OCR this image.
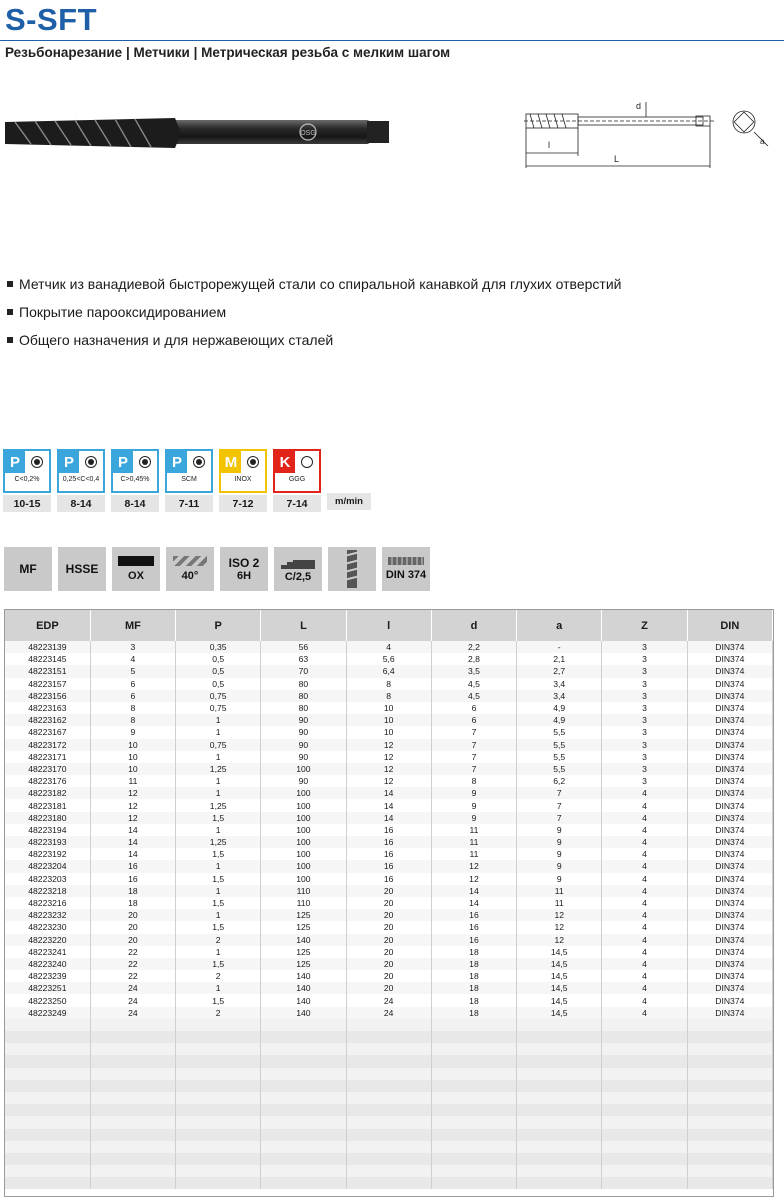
S-SFT
Резьбонарезание | Метчики | Метрическая резьба с мелким шагом
OSG
d
l
L
a
Метчик из ванадиевой быстрорежущей стали со спиральной канавкой для глухих отверстий
Покрытие парооксидированием
Общего назначения и для нержавеющих сталей
P
C<0,2%
10-15
P
0,25<C<0,4
8-14
P
C>0,45%
8-14
P
SCM
7-11
M
INOX
7-12
K
GGG
7-14	m/min
MF HSSE	OX	40°
ISO 2
6H	C/2,5	DIN 374
EDP	MF	P	L	l	d	a	Z	DIN
48223139	3	0,35	56	4	2,2	-	3	DIN374
48223145	4	0,5	63	5,6	2,8	2,1	3	DIN374
48223151	5	0,5	70	6,4	3,5	2,7	3	DIN374
48223157	6	0,5	80	8	4,5	3,4	3	DIN374
48223156	6	0,75	80	8	4,5	3,4	3	DIN374
48223163	8	0,75	80	10	6	4,9	3	DIN374
48223162	8	1	90	10	6	4,9	3	DIN374
48223167	9	1	90	10	7	5,5	3	DIN374
48223172	10	0,75	90	12	7	5,5	3	DIN374
48223171	10	1	90	12	7	5,5	3	DIN374
48223170	10	1,25	100	12	7	5,5	3	DIN374
48223176	11	1	90	12	8	6,2	3	DIN374
48223182	12	1	100	14	9	7	4	DIN374
48223181	12	1,25	100	14	9	7	4	DIN374
48223180	12	1,5	100	14	9	7	4	DIN374
48223194	14	1	100	16	11	9	4	DIN374
48223193	14	1,25	100	16	11	9	4	DIN374
48223192	14	1,5	100	16	11	9	4	DIN374
48223204	16	1	100	16	12	9	4	DIN374
48223203	16	1,5	100	16	12	9	4	DIN374
48223218	18	1	110	20	14	11	4	DIN374
48223216	18	1,5	110	20	14	11	4	DIN374
48223232	20	1	125	20	16	12	4	DIN374
48223230	20	1,5	125	20	16	12	4	DIN374
48223220	20	2	140	20	16	12	4	DIN374
48223241	22	1	125	20	18	14,5	4	DIN374
48223240	22	1,5	125	20	18	14,5	4	DIN374
48223239	22	2	140	20	18	14,5	4	DIN374
48223251	24	1	140	20	18	14,5	4	DIN374
48223250	24	1,5	140	24	18	14,5	4	DIN374
48223249	24	2	140	24	18	14,5	4	DIN374
